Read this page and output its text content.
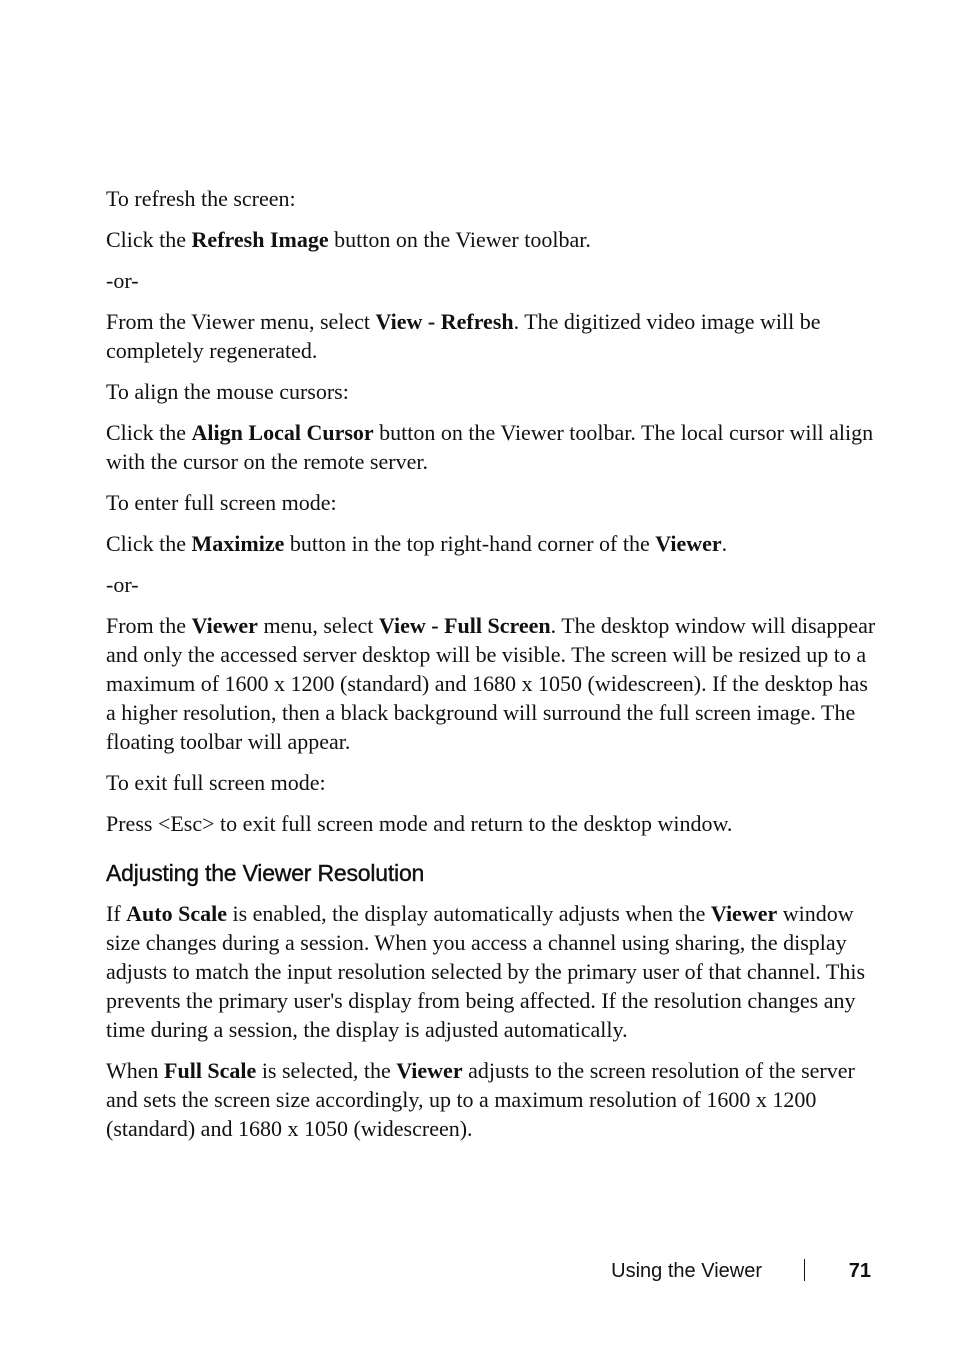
To refresh the screen:

Click the Refresh Image button on the Viewer toolbar.

-or-

From the Viewer menu, select View - Refresh. The digitized video image will be completely regenerated.

To align the mouse cursors:

Click the Align Local Cursor button on the Viewer toolbar. The local cursor will align with the cursor on the remote server.

To enter full screen mode:

Click the Maximize button in the top right-hand corner of the Viewer.

-or-

From the Viewer menu, select View - Full Screen. The desktop window will disappear and only the accessed server desktop will be visible. The screen will be resized up to a maximum of 1600 x 1200 (standard) and 1680 x 1050 (widescreen). If the desktop has a higher resolution, then a black background will surround the full screen image. The floating toolbar will appear.

To exit full screen mode:

Press <Esc> to exit full screen mode and return to the desktop window.

Adjusting the Viewer Resolution

If Auto Scale is enabled, the display automatically adjusts when the Viewer window size changes during a session. When you access a channel using sharing, the display adjusts to match the input resolution selected by the primary user of that channel. This prevents the primary user's display from being affected. If the resolution changes any time during a session, the display is adjusted automatically.

When Full Scale is selected, the Viewer adjusts to the screen resolution of the server and sets the screen size accordingly, up to a maximum resolution of 1600 x 1200 (standard) and 1680 x 1050 (widescreen).

Using the Viewer	71
